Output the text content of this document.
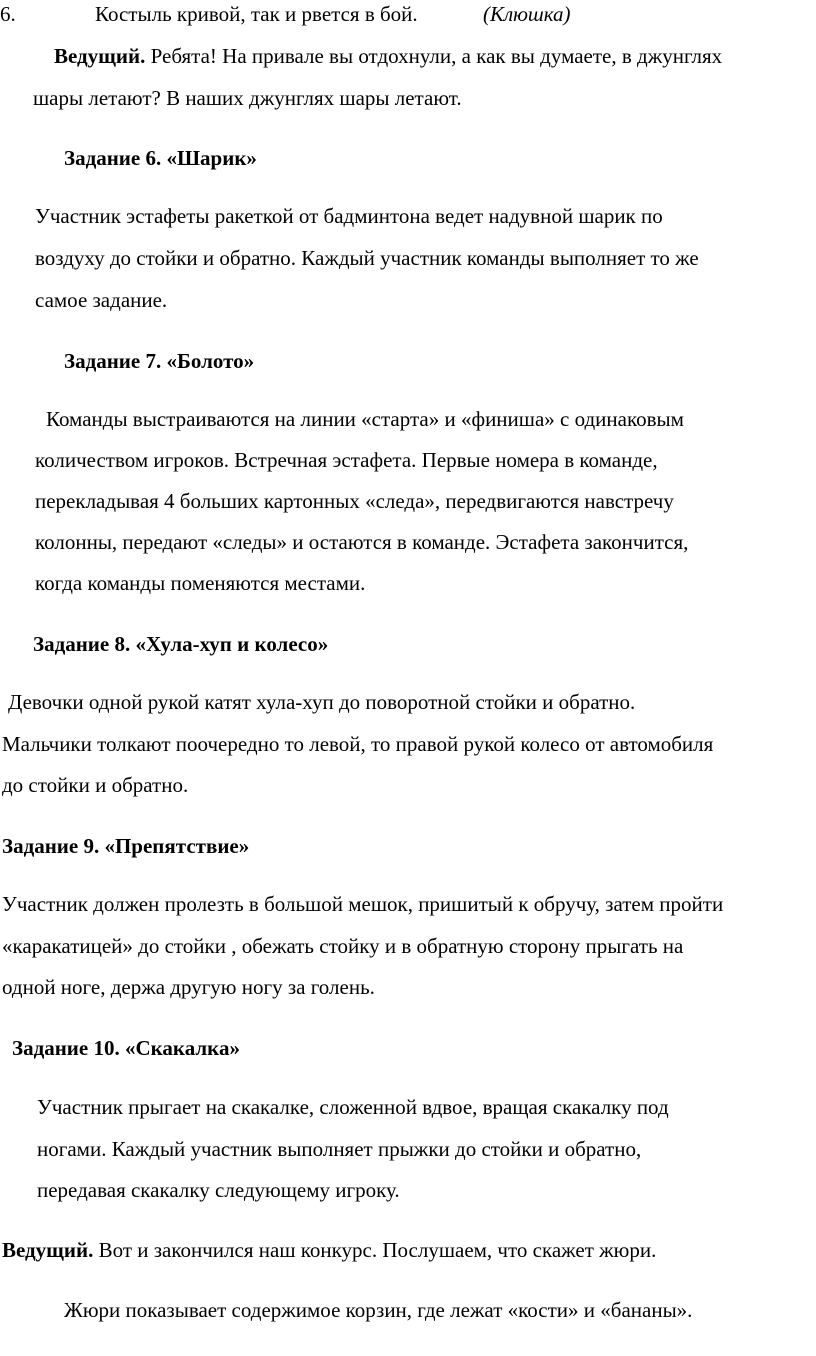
6.	Костыль кривой, так и рвется в бой.	(Клюшка)
Ведущий. Ребята! На привале вы отдохнули, а как вы думаете, в джунглях
шары летают? В наших джунглях шары летают.
Задание 6. «Шарик»
Участник эстафеты ракеткой от бадминтона ведет надувной шарик по
воздуху до стойки и обратно. Каждый участник команды выполняет то же
самое задание.
Задание 7. «Болото»
Команды выстраиваются на линии «старта» и «финиша» с одинаковым
количеством игроков. Встречная эстафета. Первые номера в команде,
перекладывая 4 больших картонных «следа», передвигаются навстречу
колонны, передают «следы» и остаются в команде. Эстафета закончится,
когда команды поменяются местами.
Задание 8. «Хула-хуп и колесо»
Девочки одной рукой катят хула-хуп до поворотной стойки и обратно.
Мальчики толкают поочередно то левой, то правой рукой колесо от автомобиля
до стойки и обратно.
Задание 9. «Препятствие»
Участник должен пролезть в большой мешок, пришитый к обручу, затем пройти
«каракатицей» до стойки , обежать стойку и в обратную сторону прыгать на
одной ноге, держа другую ногу за голень.
Задание 10. «Скакалка»
Участник прыгает на скакалке, сложенной вдвое, вращая скакалку под
ногами. Каждый участник выполняет прыжки до стойки и обратно,
передавая скакалку следующему игроку.
Ведущий. Вот и закончился наш конкурс. Послушаем, что скажет жюри.
Жюри показывает содержимое корзин, где лежат «кости» и «бананы».
